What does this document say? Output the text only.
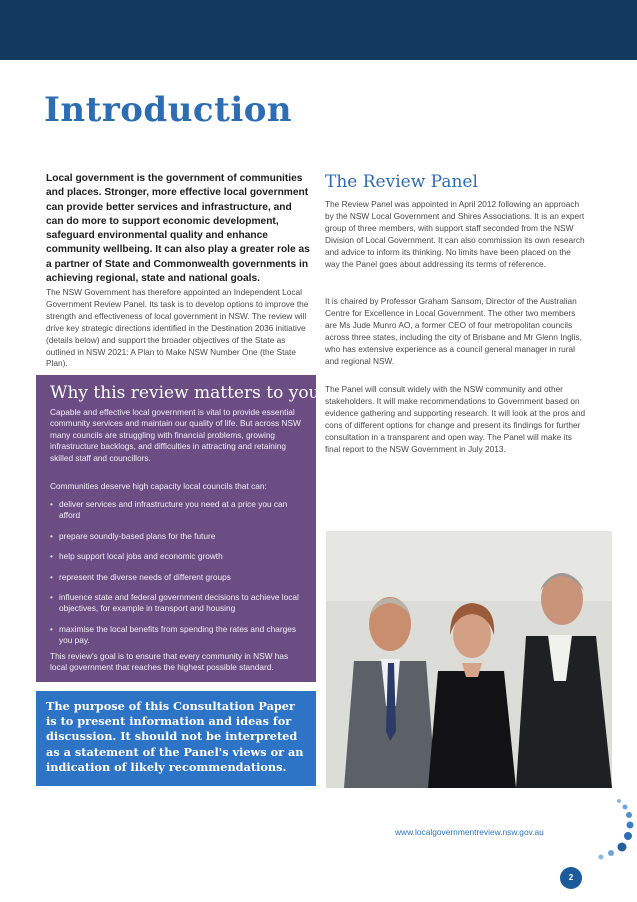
Introduction

Local government is the government of communities and places. Stronger, more effective local government can provide better services and infrastructure, and can do more to support economic development, safeguard environmental quality and enhance community wellbeing. It can also play a greater role as a partner of State and Commonwealth governments in achieving regional, state and national goals.

The NSW Government has therefore appointed an Independent Local Government Review Panel. Its task is to develop options to improve the strength and effectiveness of local government in NSW. The review will drive key strategic directions identified in the Destination 2036 initiative (details below) and support the broader objectives of the State as outlined in NSW 2021: A Plan to Make NSW Number One (the State Plan).

The Review Panel

The Review Panel was appointed in April 2012 following an approach by the NSW Local Government and Shires Associations. It is an expert group of three members, with support staff seconded from the NSW Division of Local Government. It can also commission its own research and advice to inform its thinking. No limits have been placed on the way the Panel goes about addressing its terms of reference.

It is chaired by Professor Graham Sansom, Director of the Australian Centre for Excellence in Local Government. The other two members are Ms Jude Munro AO, a former CEO of four metropolitan councils across three states, including the city of Brisbane and Mr Glenn Inglis, who has extensive experience as a council general manager in rural and regional NSW.

The Panel will consult widely with the NSW community and other stakeholders. It will make recommendations to Government based on evidence gathering and supporting research. It will look at the pros and cons of different options for change and present its findings for further consultation in a transparent and open way. The Panel will make its final report to the NSW Government in July 2013.

Why this review matters to you

Capable and effective local government is vital to provide essential community services and maintain our quality of life. But across NSW many councils are struggling with financial problems, growing infrastructure backlogs, and difficulties in attracting and retaining skilled staff and councillors.

Communities deserve high capacity local councils that can:

• deliver services and infrastructure you need at a price you can afford
• prepare soundly-based plans for the future
• help support local jobs and economic growth
• represent the diverse needs of different groups
• influence state and federal government decisions to achieve local objectives, for example in transport and housing
• maximise the local benefits from spending the rates and charges you pay.

This review's goal is to ensure that every community in NSW has local government that reaches the highest possible standard.

The purpose of this Consultation Paper is to present information and ideas for discussion. It should not be interpreted as a statement of the Panel's views or an indication of likely recommendations.

www.localgovernmentreview.nsw.gov.au

2
